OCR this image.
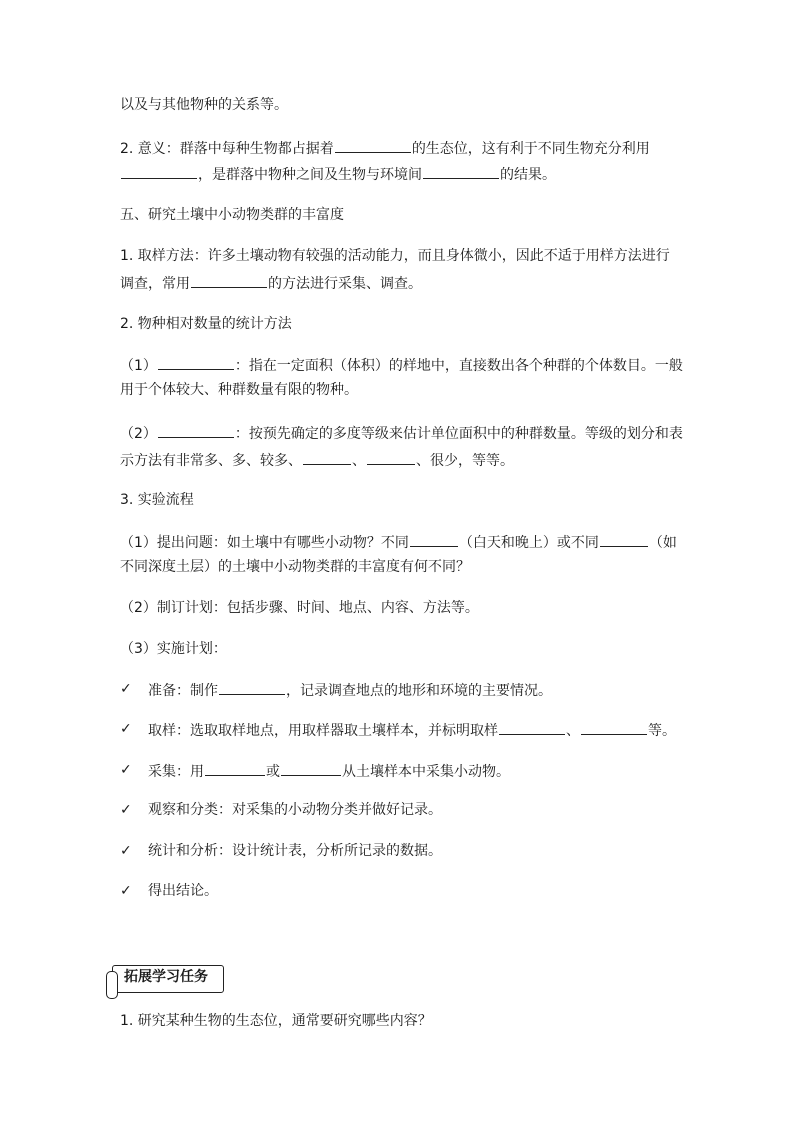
以及与其他物种的关系等。
2. 意义：群落中每种生物都占据着	的生态位，这有利于不同生物充分利用
，是群落中物种之间及生物与环境间	的结果。
五、研究土壤中小动物类群的丰富度
1. 取样方法：许多土壤动物有较强的活动能力，而且身体微小，因此不适于用样方法进行
调查，常用	的方法进行采集、调查。
2. 物种相对数量的统计方法
（1）	：指在一定面积（体积）的样地中，直接数出各个种群的个体数目。一般
用于个体较大、种群数量有限的物种。
（2）	：按预先确定的多度等级来估计单位面积中的种群数量。等级的划分和表
示方法有非常多、多、较多、	、	、很少，等等。
3. 实验流程
（1）提出问题：如土壤中有哪些小动物？不同	（白天和晚上）或不同	（如
不同深度土层）的土壤中小动物类群的丰富度有何不同？
（2）制订计划：包括步骤、时间、地点、内容、方法等。
（3）实施计划：
✓ 准备：制作	，记录调查地点的地形和环境的主要情况。
✓ 取样：选取取样地点，用取样器取土壤样本，并标明取样	、	等。
✓ 采集：用	或	从土壤样本中采集小动物。
✓ 观察和分类：对采集的小动物分类并做好记录。
✓ 统计和分析：设计统计表，分析所记录的数据。
✓ 得出结论。
拓展学习任务
1. 研究某种生物的生态位，通常要研究哪些内容？
